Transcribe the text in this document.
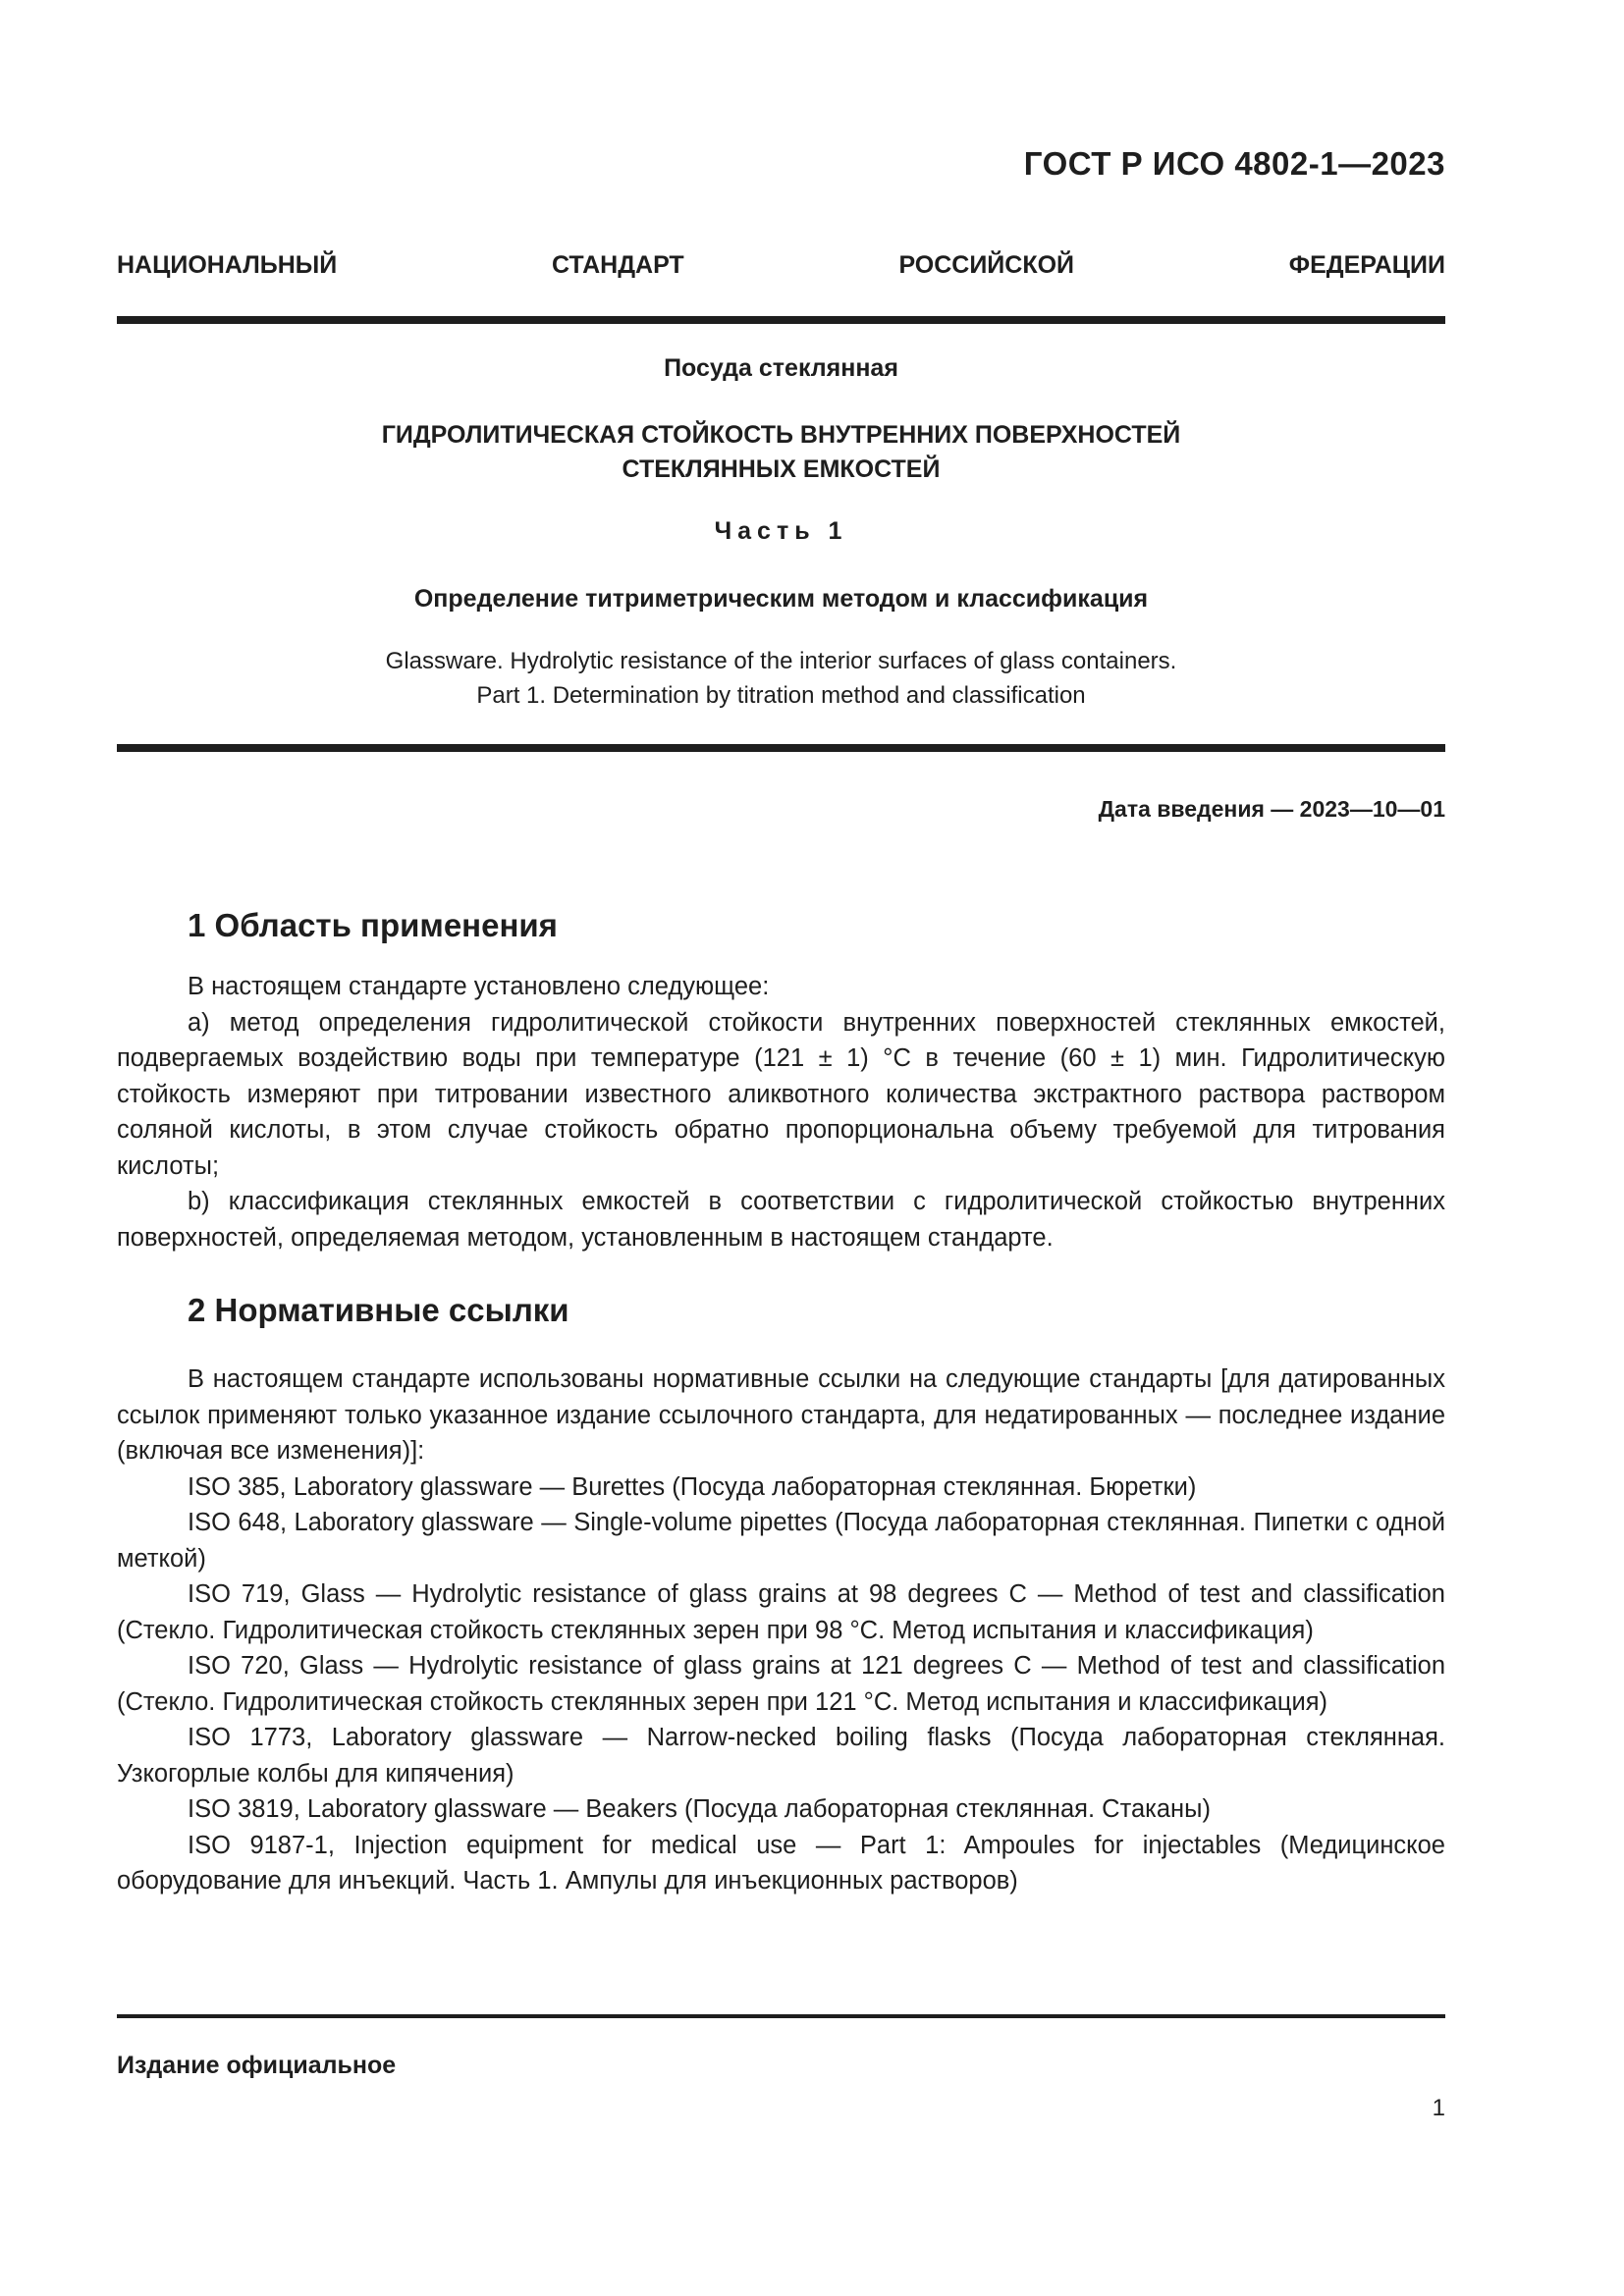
ГОСТ Р ИСО 4802-1—2023
НАЦИОНАЛЬНЫЙ СТАНДАРТ РОССИЙСКОЙ ФЕДЕРАЦИИ
Посуда стеклянная
ГИДРОЛИТИЧЕСКАЯ СТОЙКОСТЬ ВНУТРЕННИХ ПОВЕРХНОСТЕЙ
СТЕКЛЯННЫХ ЕМКОСТЕЙ
Часть 1
Определение титриметрическим методом и классификация
Glassware. Hydrolytic resistance of the interior surfaces of glass containers.
Part 1. Determination by titration method and classification
Дата введения — 2023—10—01
1 Область применения

В настоящем стандарте установлено следующее:

а) метод определения гидролитической стойкости внутренних поверхностей стеклянных емкостей, подвергаемых воздействию воды при температуре (121 ± 1) °С в течение (60 ± 1) мин. Гидролитическую стойкость измеряют при титровании известного аликвотного количества экстрактного раствора раствором соляной кислоты, в этом случае стойкость обратно пропорциональна объему требуемой для титрования кислоты;

b) классификация стеклянных емкостей в соответствии с гидролитической стойкостью внутренних поверхностей, определяемая методом, установленным в настоящем стандарте.

2 Нормативные ссылки

В настоящем стандарте использованы нормативные ссылки на следующие стандарты [для датированных ссылок применяют только указанное издание ссылочного стандарта, для недатированных — последнее издание (включая все изменения)]:

ISO 385, Laboratory glassware — Burettes (Посуда лабораторная стеклянная. Бюретки)

ISO 648, Laboratory glassware — Single-volume pipettes (Посуда лабораторная стеклянная. Пипетки с одной меткой)

ISO 719, Glass — Hydrolytic resistance of glass grains at 98 degrees C — Method of test and classification (Стекло. Гидролитическая стойкость стеклянных зерен при 98 °С. Метод испытания и классификация)

ISO 720, Glass — Hydrolytic resistance of glass grains at 121 degrees C — Method of test and classification (Стекло. Гидролитическая стойкость стеклянных зерен при 121 °С. Метод испытания и классификация)

ISO 1773, Laboratory glassware — Narrow-necked boiling flasks (Посуда лабораторная стеклянная. Узкогорлые колбы для кипячения)

ISO 3819, Laboratory glassware — Beakers (Посуда лабораторная стеклянная. Стаканы)

ISO 9187-1, Injection equipment for medical use — Part 1: Ampoules for injectables (Медицинское оборудование для инъекций. Часть 1. Ампулы для инъекционных растворов)

Издание официальное
1
